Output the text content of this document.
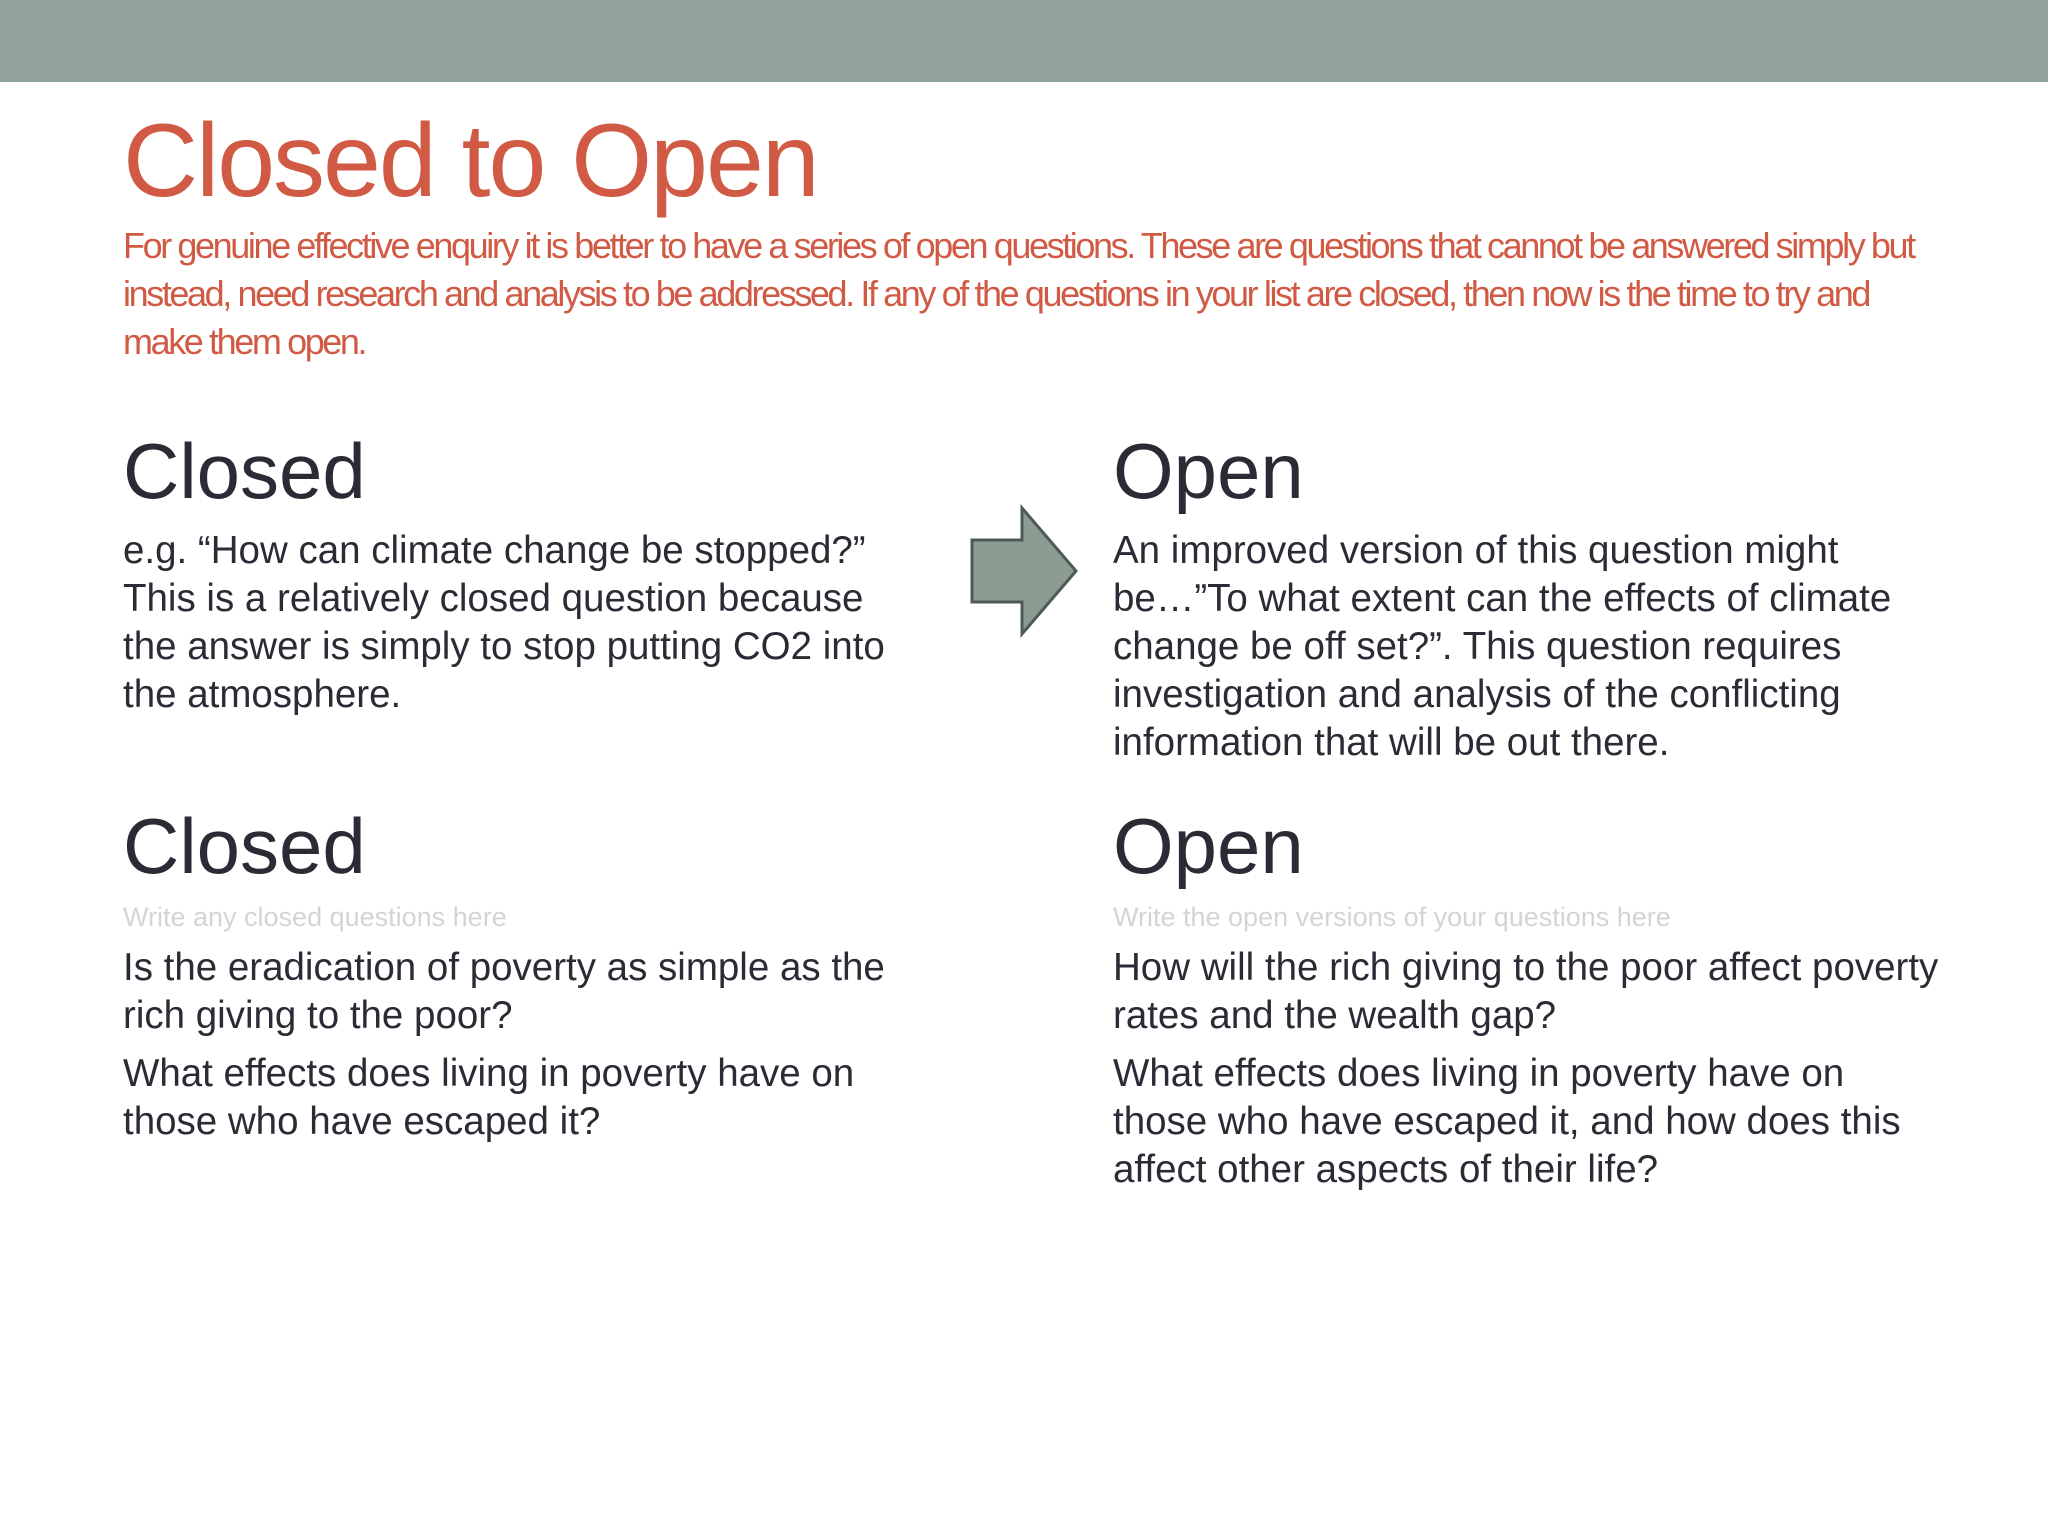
Closed to Open
For genuine effective enquiry it is better to have a series of open questions. These are questions that cannot be answered simply but instead, need research and analysis to be addressed. If any of the questions in your list are closed, then now is the time to try and make them open.
Closed

e.g. “How can climate change be stopped?” This is a relatively closed question because the answer is simply to stop putting CO2 into the atmosphere.

Open

An improved version of this question might be…”To what extent can the effects of climate change be off set?”. This question requires investigation and analysis of the conflicting information that will be out there.

Closed
Write any closed questions here

Is the eradication of poverty as simple as the rich giving to the poor?

What effects does living in poverty have on those who have escaped it?

Open
Write the open versions of your questions here

How will the rich giving to the poor affect poverty rates and the wealth gap?

What effects does living in poverty have on those who have escaped it, and how does this affect other aspects of their life?
